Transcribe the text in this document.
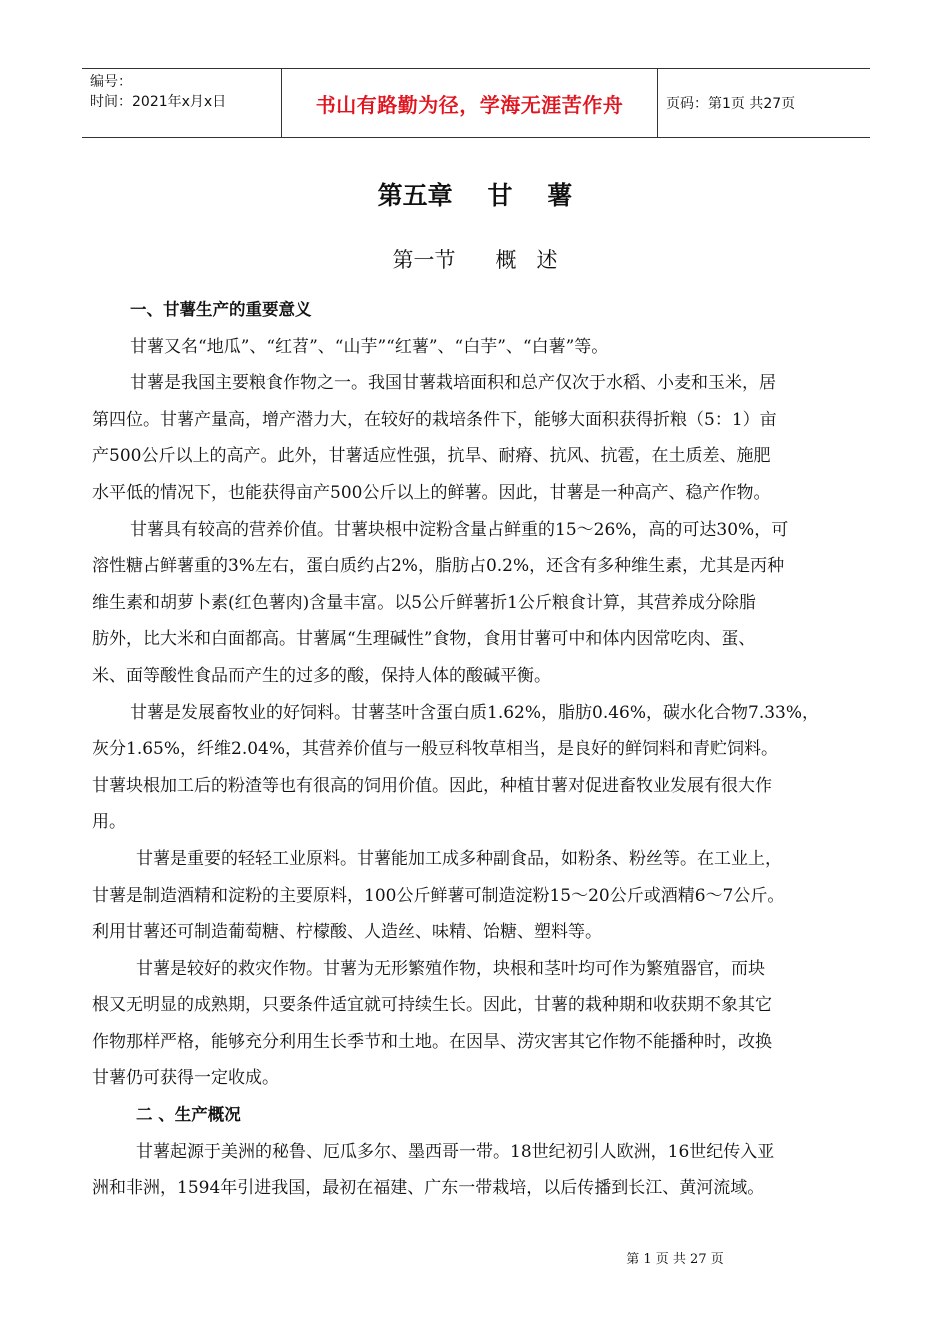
编号：
时间：2021年x月x日	书山有路勤为径，学海无涯苦作舟	页码：第1页 共27页
第五章    甘    薯
第一节      概   述

一、甘薯生产的重要意义

甘薯又名“地瓜”、“红苕”、“山芋”“红薯”、“白芋”、“白薯”等。

甘薯是我国主要粮食作物之一。我国甘薯栽培面积和总产仅次于水稻、小麦和玉米，居

第四位。甘薯产量高，增产潜力大，在较好的栽培条件下，能够大面积获得折粮（5：1）亩
产500公斤以上的高产。此外，甘薯适应性强，抗旱、耐瘠、抗风、抗雹，在土质差、施肥
水平低的情况下，也能获得亩产500公斤以上的鲜薯。因此，甘薯是一种高产、稳产作物。

甘薯具有较高的营养价值。甘薯块根中淀粉含量占鲜重的15～26%，高的可达30%，可

溶性糖占鲜薯重的3%左右，蛋白质约占2%，脂肪占0.2%，还含有多种维生素，尤其是丙种
维生素和胡萝卜素(红色薯肉)含量丰富。以5公斤鲜薯折1公斤粮食计算，其营养成分除脂
肪外，比大米和白面都高。甘薯属“生理碱性”食物，食用甘薯可中和体内因常吃肉、蛋、
米、面等酸性食品而产生的过多的酸，保持人体的酸碱平衡。

甘薯是发展畜牧业的好饲料。甘薯茎叶含蛋白质1.62%，脂肪0.46%，碳水化合物7.33%，

灰分1.65%，纤维2.04%，其营养价值与一般豆科牧草相当，是良好的鲜饲料和青贮饲料。
甘薯块根加工后的粉渣等也有很高的饲用价值。因此，种植甘薯对促进畜牧业发展有很大作
用。

甘薯是重要的轻轻工业原料。甘薯能加工成多种副食品，如粉条、粉丝等。在工业上，

甘薯是制造酒精和淀粉的主要原料，100公斤鲜薯可制造淀粉15～20公斤或酒精6～7公斤。
利用甘薯还可制造葡萄糖、柠檬酸、人造丝、味精、饴糖、塑料等。

甘薯是较好的救灾作物。甘薯为无形繁殖作物，块根和茎叶均可作为繁殖器官，而块

根又无明显的成熟期，只要条件适宜就可持续生长。因此，甘薯的栽种期和收获期不象其它
作物那样严格，能够充分利用生长季节和土地。在因旱、涝灾害其它作物不能播种时，改换
甘薯仍可获得一定收成。

二 、生产概况

甘薯起源于美洲的秘鲁、厄瓜多尔、墨西哥一带。18世纪初引人欧洲，16世纪传入亚

洲和非洲，1594年引进我国，最初在福建、广东一带栽培，以后传播到长江、黄河流域。

第 1 页 共 27 页
